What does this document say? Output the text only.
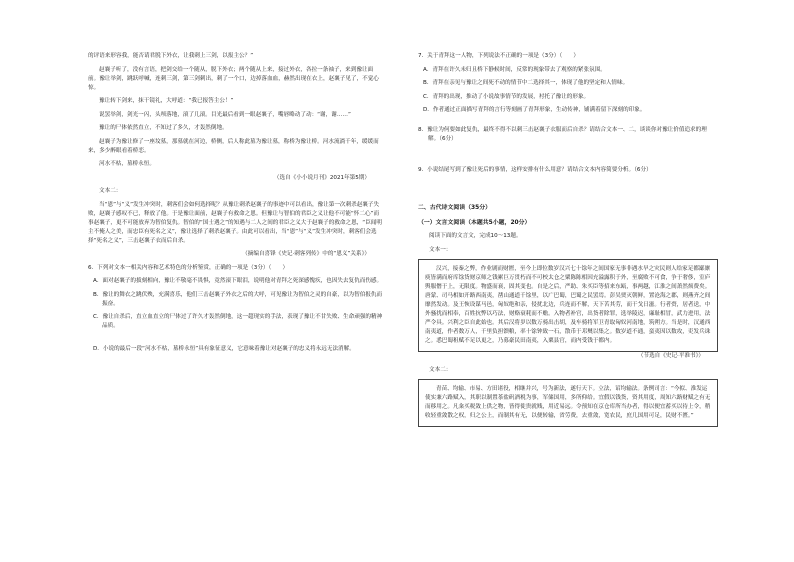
的评语来形容我，能否请君脱下外衣，让我刺上三剑，以报主公？”

赵襄子听了，没有言语，把剑交给一个随从，脱下外衣；两个随从上来，接过外衣，各拉一条袖子，来到豫让面前。豫让举剑，跳跃呼喊，连刺三剑，第三剑刺出，刺了一个口，边掉落血血，赫然出现在衣上，赵襄子见了，不觉心惊。

豫让转下剑来，抹干镜礼，大呼道：“我已报答主公！”

说罢举剑，剑光一闪，头颅落地，滚了几滚。目光最后看到一眼赵襄子，嘴唇略动了动：“谢，谢……”

豫让的尸体依然直立，不知过了多久，才轰然倒地。

赵襄子为豫让修了一座坟墓，那墓就在河边，桥侧，后人称此墓为豫让墓，称桥为豫让桥。河水流淌千年，缓缓而来，多少醉眼看着桥恋。

河水不枯，墓桥永恒。

（选自《小小说月刊》2021年第5期）

文本二：

当“恩”与“义”发生冲突时，刺客们会如何选择呢？从豫让刺杀赵襄子的事迹中可以看出，豫让第一次刺杀赵襄子失败，赵襄子感叹不已，释放了他。于是豫让面前，赵襄子有救命之恩。但豫让与智伯的君臣之义让他不可能“怀二心”而事赵襄子，更不可能放弃为智伯复仇。智伯的“国士遇之”的知遇与二人之间的君臣之义大于赵襄子的救命之恩，“臣闻明主不掩人之美，而忠臣有死名之义”，豫让选择了刺杀赵襄子。由此可以看出，当“恩”与“义”发生冲突时，刺客们会选择“死名之义”，三击赵襄子衣而后自杀。

（摘编自喜锋《史记·刺客列传》中的“恩义”关系》）

6．下列对文本一相关内容和艺术特色的分析鉴赏，正确的一项是（3分）（　　）

A．面对赵襄子的拔刻相向，豫让不敬毫不畏惧，竟然滚下眼泪，说明他对青拜之死深感愧疚，也因失去复仇而伤感。

B．豫让的舞衣之跳伏殃，充满喜乐，他们三击赵襄子外衣之后的大呼，可见豫让为智伯之灵的自豪，以为智伯报仇而振奋。

C．豫让自杀后，直立血直立的尸体过了许久才轰然倒地，这一超现实的手法，表现了豫让不甘失败、生命顽强的精神品质。

D．小说的最后一段“河水不枯，墓桥永恒”具有象征意义，它意味着豫让对赵襄子的忠义将永远无法消解。

7．关于青拜这一人物，下列说法不正确的一项是（3分）（　　）

A．青拜在许久未归且桥下静候时间，反常的现象带去了观察的紧张氛围。

B．青拜在亲见与豫让之间死不动的情节中二选择其一，体现了他的坚定和人情味。

C．青拜的出现，推动了小说故事情节的发展，衬托了豫让的形象。

D．作者通过正面描写青拜的言行等刻画了青拜形象，生动传神，铺满着留下深刻的印象。

8．豫让为何要如此复仇，最终不得不以刺三击赵襄子衣服而后自杀？请结合文本一、二，谈谈你对豫让价值追求的理解。（6分）

9．小说结尾写到了豫让死后的事情，这样安排有什么用意？请结合文本内容简要分析。（6分）

二、古代诗文阅读（35分）

（一）文言文阅读（本题共5小题，20分）

阅读下面的文言文，完成10～13题。

文本一：

汉兴，接秦之弊，作业剧而财匮，至今上即位数岁汉兴七十馀年之间国家无事非遇水旱之灾民则人给家足都鄙廪庾皆满而府库馀货财京师之钱累巨万贯朽而不可校太仓之粟陈陈相因充溢露积于外，至腐败不可食，争于奢侈，室庐舆服僭于上，无限度。物盛而衰，固其变也。自是之后，严助、朱买臣等招来东瓯，事两越，江淮之间萧然烦费矣。唐蒙、司马相如开路西南夷，凿山通道千馀里，以广巴蜀，巴蜀之民罢焉。彭吴贾灭朝鲜，置沧海之郡，则燕齐之间靡然发动。及王恢设谋马邑，匈奴绝和亲，侵扰北边，兵连而不解，天下苦其劳，而干戈日滋。行者赍，居者送，中外骚扰而相奉，百姓抗弊以巧法，财赂衰耗而不赡。入物者补官，出货者除罪，选举陵迟，廉耻相冒，武力进用，法严令具。兴利之臣自此始也。其后汉将岁以数万骑出击胡，及车骑将军卫青取匈奴河南地，筑朔方。当是时，汉通西南夷道，作者数万人，千里负担馈粮，率十馀钟致一石，散币于邛僰以集之。数岁道不通，蛮夷因以数攻，吏发兵诛之。悉巴蜀租赋不足以更之，乃募豪民田南夷，入粟县官，而内受钱于都内。

（节选自《史记·平准书》）

文本二：

青苗、均输、市易、方田诸役，相继并兴，号为新法，遂行天下。立法，诏均输法。条例司言：“今拟、淮发运使实兼六路赋入，其职以制置茶盐矾酒税为事，军储国用，多所仰给。宜假以钱货，资其用度，周知六路财赋之有无而移用之。凡籴买税敛上供之物，皆得徙贵就贱，用近易远。令预知在京仓库所当办者，得以便宜蓄买以待上令，稍收轻重敛散之权，归之公上，而制其有无，以便转输，省劳费，去重敛，宽农民，庶几国用可足，民财不匮。”
